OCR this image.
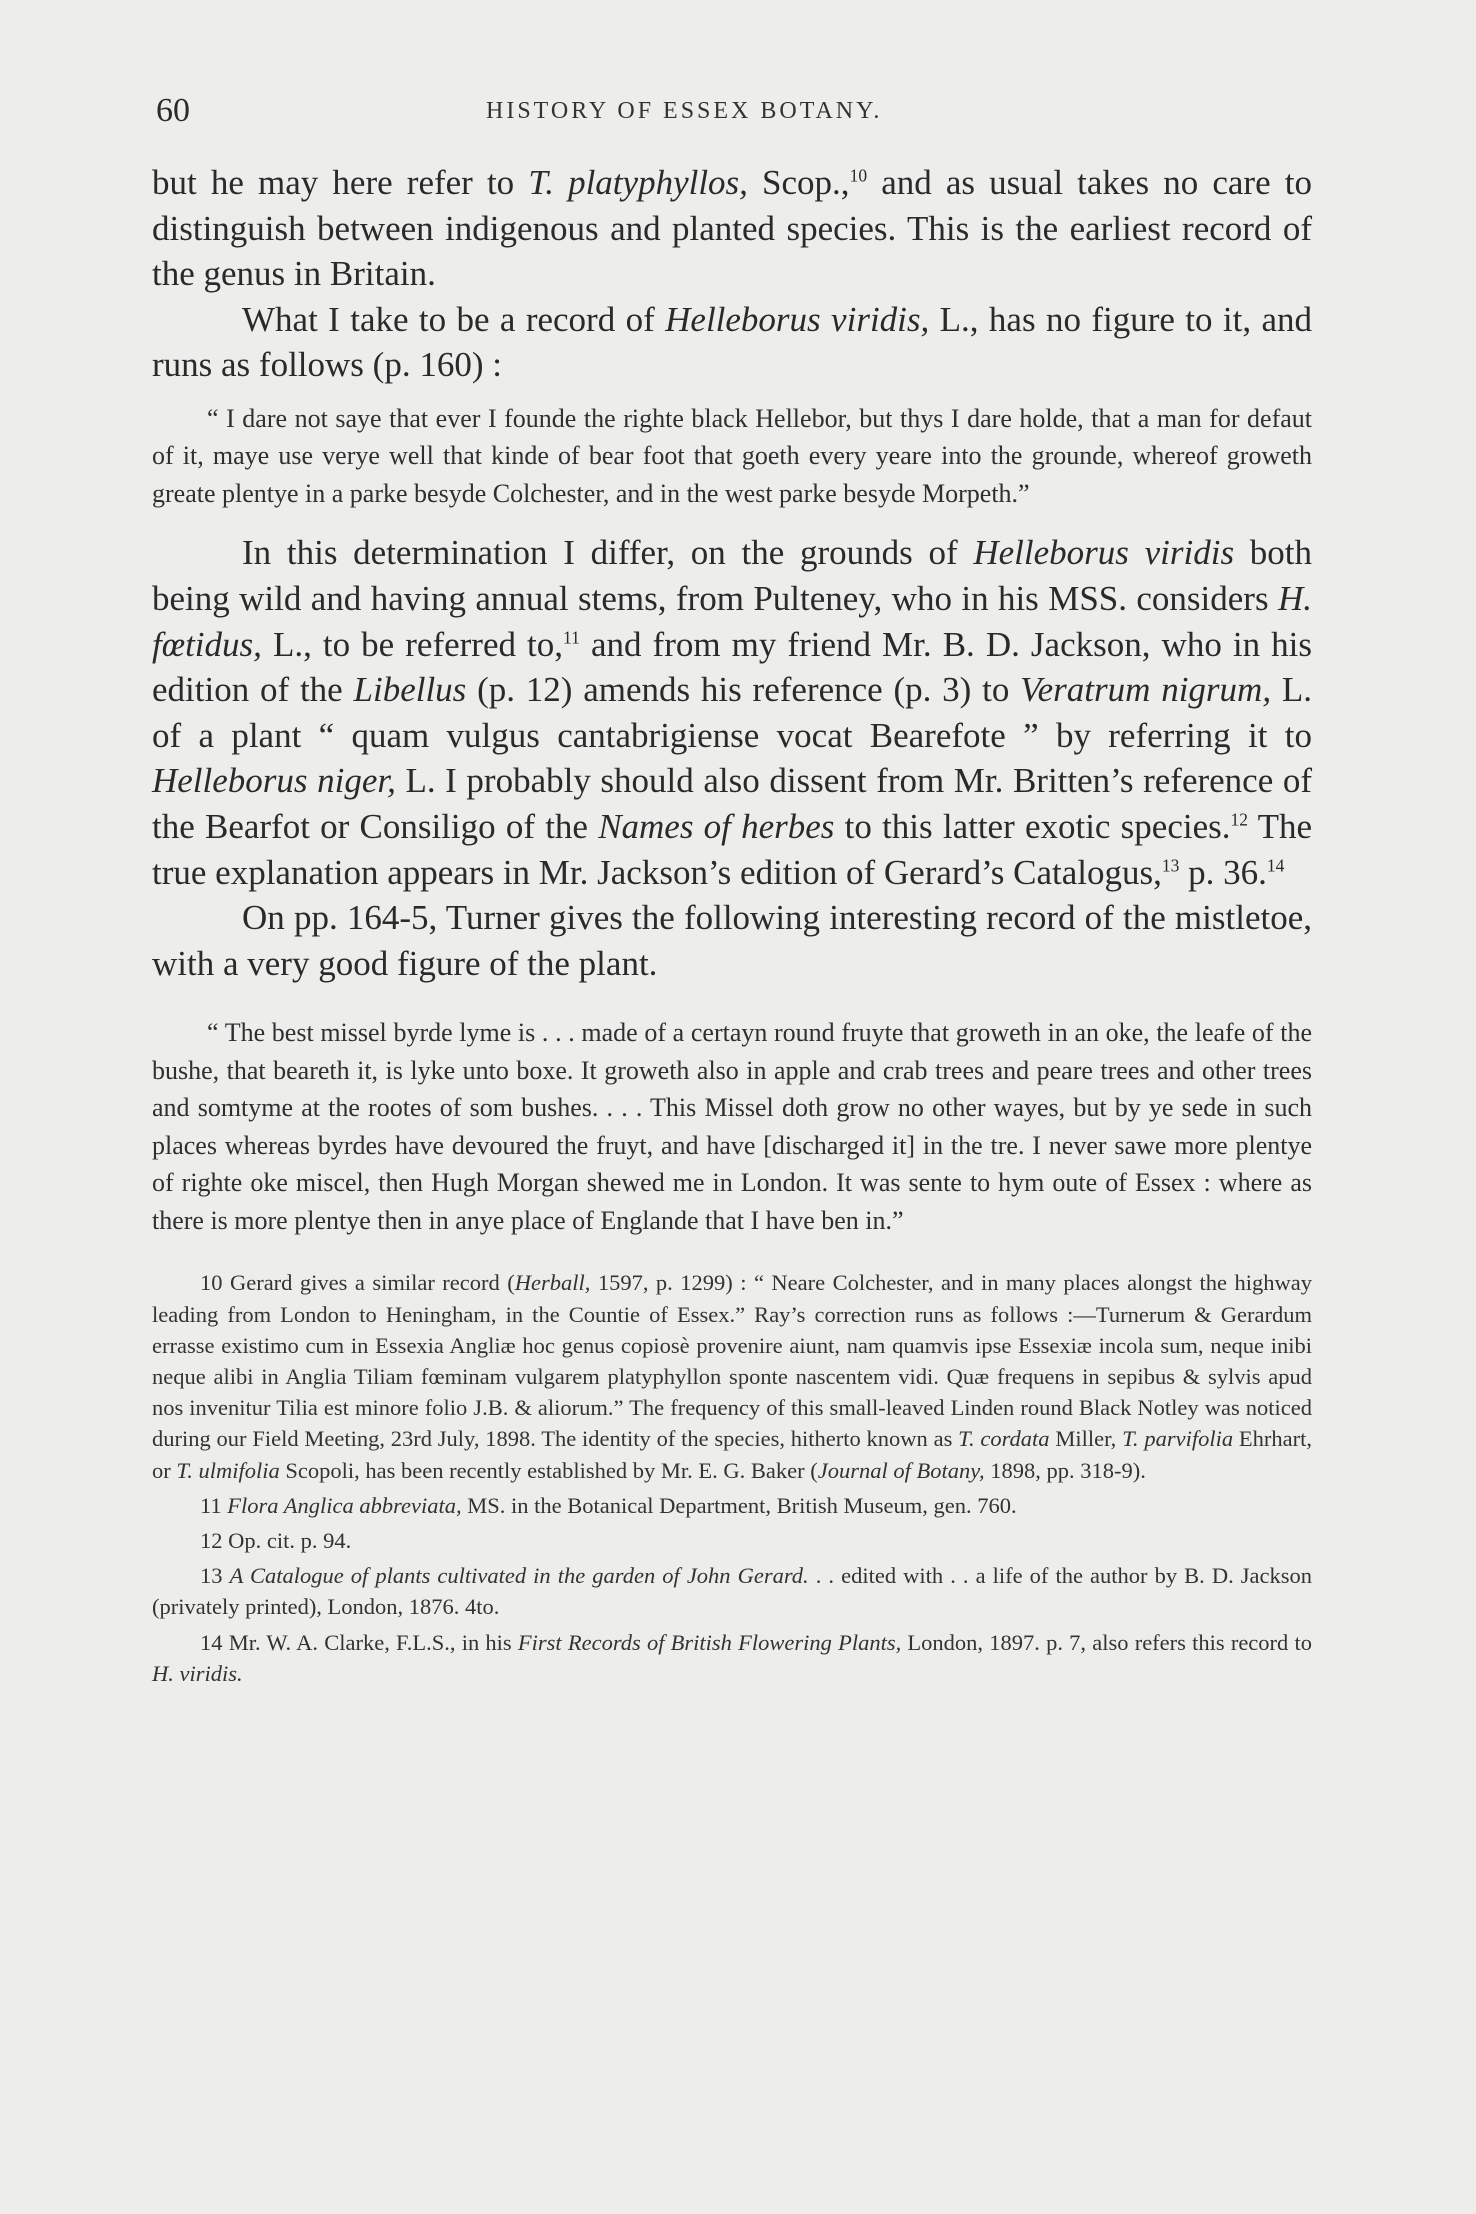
60	HISTORY OF ESSEX BOTANY.

but he may here refer to T. platyphyllos, Scop.,$^{10}$ and as usual takes no care to distinguish between indigenous and planted species. This is the earliest record of the genus in Britain.

What I take to be a record of Helleborus viridis, L., has no figure to it, and runs as follows (p. 160) :

“ I dare not saye that ever I founde the righte black Hellebor, but thys I dare holde, that a man for defaut of it, maye use verye well that kinde of bear foot that goeth every yeare into the grounde, whereof groweth greate plentye in a parke besyde Colchester, and in the west parke besyde Morpeth.”

In this determination I differ, on the grounds of Helleborus viridis both being wild and having annual stems, from Pulteney, who in his MSS. considers H. fœtidus, L., to be referred to,$^{11}$ and from my friend Mr. B. D. Jackson, who in his edition of the Libellus (p. 12) amends his reference (p. 3) to Veratrum nigrum, L. of a plant “ quam vulgus cantabrigiense vocat Bearefote ” by referring it to Helleborus niger, L. I probably should also dissent from Mr. Britten’s reference of the Bearfot or Consiligo of the Names of herbes to this latter exotic species.$^{12}$ The true explanation appears in Mr. Jackson’s edition of Gerard’s Catalogus,$^{13}$ p. 36.14

On pp. 164-5, Turner gives the following interesting record of the mistletoe, with a very good figure of the plant.

“ The best missel byrde lyme is . . . made of a certayn round fruyte that groweth in an oke, the leafe of the bushe, that beareth it, is lyke unto boxe. It groweth also in apple and crab trees and peare trees and other trees and somtyme at the rootes of som bushes. . . . This Missel doth grow no other wayes, but by ye sede in such places whereas byrdes have devoured the fruyt, and have [discharged it] in the tre. I never sawe more plentye of righte oke miscel, then Hugh Morgan shewed me in London. It was sente to hym oute of Essex : where as there is more plentye then in anye place of Englande that I have ben in.”

10 Gerard gives a similar record (Herball, 1597, p. 1299) : “ Neare Colchester, and in many places alongst the highway leading from London to Heningham, in the Countie of Essex.” Ray’s correction runs as follows :—Turnerum & Gerardum errasse existimo cum in Essexia Angliæ hoc genus copiosè provenire aiunt, nam quamvis ipse Essexiæ incola sum, neque inibi neque alibi in Anglia Tiliam fœminam vulgarem platyphyllon sponte nascentem vidi. Quæ frequens in sepibus & sylvis apud nos invenitur Tilia est minore folio J.B. & aliorum.” The frequency of this small-leaved Linden round Black Notley was noticed during our Field Meeting, 23rd July, 1898. The identity of the species, hitherto known as T. cordata Miller, T. parvifolia Ehrhart, or T. ulmifolia Scopoli, has been recently established by Mr. E. G. Baker (Journal of Botany, 1898, pp. 318-9).

11 Flora Anglica abbreviata, MS. in the Botanical Department, British Museum, gen. 760.

12 Op. cit. p. 94.

13 A Catalogue of plants cultivated in the garden of John Gerard. . . edited with . . a life of the author by B. D. Jackson (privately printed), London, 1876. 4to.

14 Mr. W. A. Clarke, F.L.S., in his First Records of British Flowering Plants, London, 1897. p. 7, also refers this record to H. viridis.
